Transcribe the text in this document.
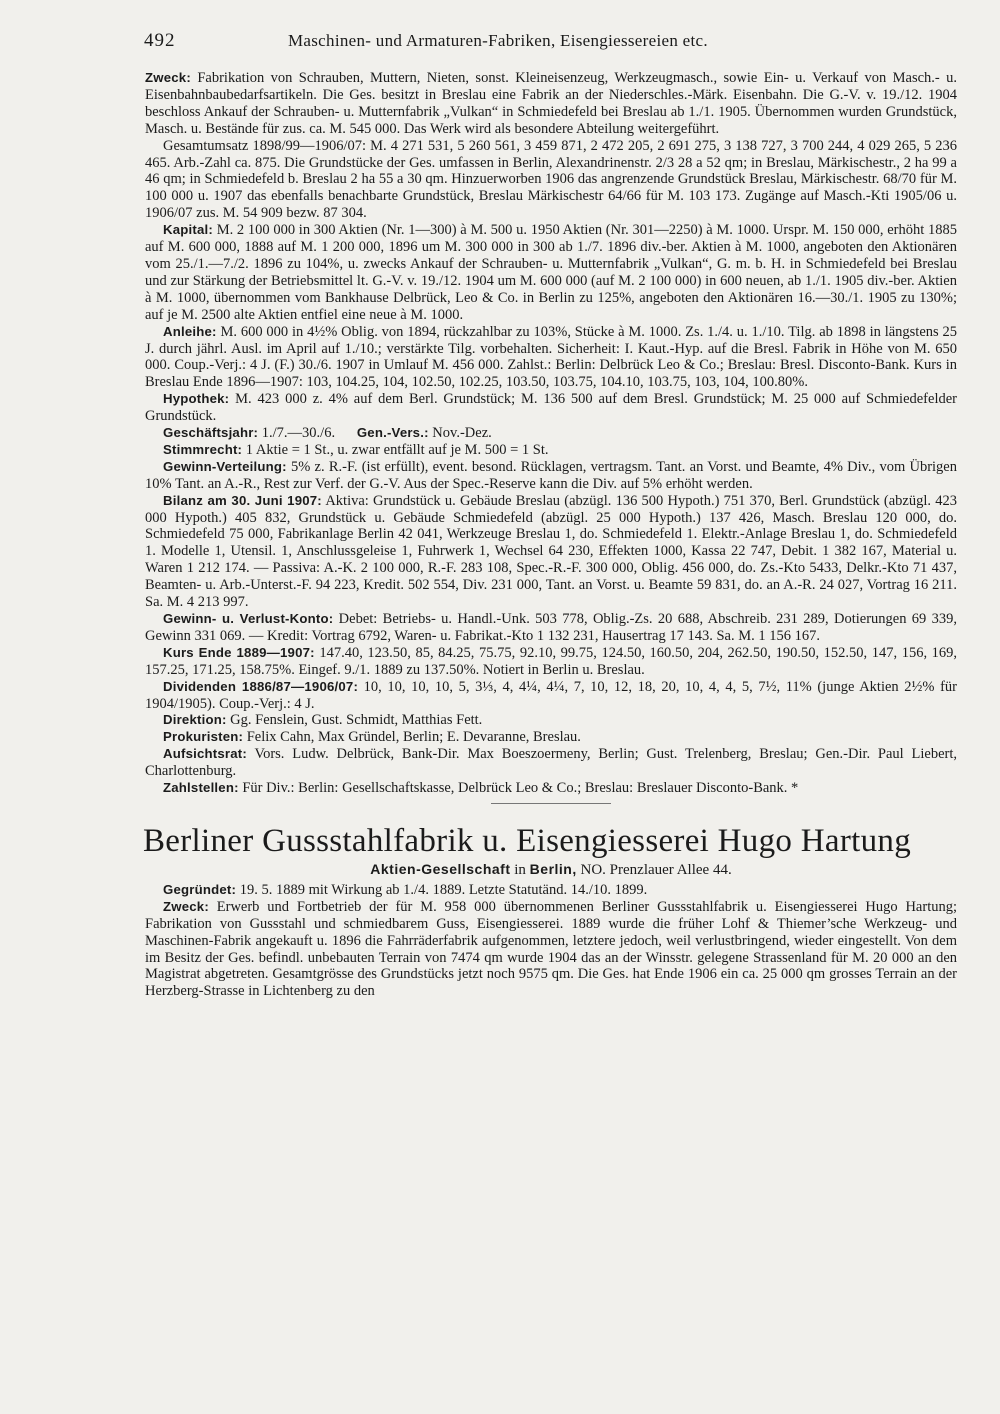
492	Maschinen- und Armaturen-Fabriken, Eisengiessereien etc.

Zweck: Fabrikation von Schrauben, Muttern, Nieten, sonst. Kleineisenzeug, Werkzeugmasch., sowie Ein- u. Verkauf von Masch.- u. Eisenbahnbaubedarfsartikeln. Die Ges. besitzt in Breslau eine Fabrik an der Niederschles.-Märk. Eisenbahn. Die G.-V. v. 19./12. 1904 beschloss Ankauf der Schrauben- u. Mutternfabrik „Vulkan“ in Schmiedefeld bei Breslau ab 1./1. 1905. Übernommen wurden Grundstück, Masch. u. Bestände für zus. ca. M. 545 000. Das Werk wird als besondere Abteilung weitergeführt.

Gesamtumsatz 1898/99—1906/07: M. 4 271 531, 5 260 561, 3 459 871, 2 472 205, 2 691 275, 3 138 727, 3 700 244, 4 029 265, 5 236 465. Arb.-Zahl ca. 875. Die Grundstücke der Ges. umfassen in Berlin, Alexandrinenstr. 2/3 28 a 52 qm; in Breslau, Märkischestr., 2 ha 99 a 46 qm; in Schmiedefeld b. Breslau 2 ha 55 a 30 qm. Hinzuerworben 1906 das angrenzende Grundstück Breslau, Märkischestr. 68/70 für M. 100 000 u. 1907 das ebenfalls benachbarte Grundstück, Breslau Märkischestr 64/66 für M. 103 173. Zugänge auf Masch.-Kti 1905/06 u. 1906/07 zus. M. 54 909 bezw. 87 304.

Kapital: M. 2 100 000 in 300 Aktien (Nr. 1—300) à M. 500 u. 1950 Aktien (Nr. 301—2250) à M. 1000. Urspr. M. 150 000, erhöht 1885 auf M. 600 000, 1888 auf M. 1 200 000, 1896 um M. 300 000 in 300 ab 1./7. 1896 div.-ber. Aktien à M. 1000, angeboten den Aktionären vom 25./1.—7./2. 1896 zu 104%, u. zwecks Ankauf der Schrauben- u. Mutternfabrik „Vulkan“, G. m. b. H. in Schmiedefeld bei Breslau und zur Stärkung der Betriebsmittel lt. G.-V. v. 19./12. 1904 um M. 600 000 (auf M. 2 100 000) in 600 neuen, ab 1./1. 1905 div.-ber. Aktien à M. 1000, übernommen vom Bankhause Delbrück, Leo & Co. in Berlin zu 125%, angeboten den Aktionären 16.—30./1. 1905 zu 130%; auf je M. 2500 alte Aktien entfiel eine neue à M. 1000.

Anleihe: M. 600 000 in 4½% Oblig. von 1894, rückzahlbar zu 103%, Stücke à M. 1000. Zs. 1./4. u. 1./10. Tilg. ab 1898 in längstens 25 J. durch jährl. Ausl. im April auf 1./10.; verstärkte Tilg. vorbehalten. Sicherheit: I. Kaut.-Hyp. auf die Bresl. Fabrik in Höhe von M. 650 000. Coup.-Verj.: 4 J. (F.) 30./6. 1907 in Umlauf M. 456 000. Zahlst.: Berlin: Delbrück Leo & Co.; Breslau: Bresl. Disconto-Bank. Kurs in Breslau Ende 1896—1907: 103, 104.25, 104, 102.50, 102.25, 103.50, 103.75, 104.10, 103.75, 103, 104, 100.80%.

Hypothek: M. 423 000 z. 4% auf dem Berl. Grundstück; M. 136 500 auf dem Bresl. Grundstück; M. 25 000 auf Schmiedefelder Grundstück.

Geschäftsjahr: 1./7.—30./6. Gen.-Vers.: Nov.-Dez.

Stimmrecht: 1 Aktie = 1 St., u. zwar entfällt auf je M. 500 = 1 St.

Gewinn-Verteilung: 5% z. R.-F. (ist erfüllt), event. besond. Rücklagen, vertragsm. Tant. an Vorst. und Beamte, 4% Div., vom Übrigen 10% Tant. an A.-R., Rest zur Verf. der G.-V. Aus der Spec.-Reserve kann die Div. auf 5% erhöht werden.

Bilanz am 30. Juni 1907: Aktiva: Grundstück u. Gebäude Breslau (abzügl. 136 500 Hypoth.) 751 370, Berl. Grundstück (abzügl. 423 000 Hypoth.) 405 832, Grundstück u. Gebäude Schmiedefeld (abzügl. 25 000 Hypoth.) 137 426, Masch. Breslau 120 000, do. Schmiedefeld 75 000, Fabrikanlage Berlin 42 041, Werkzeuge Breslau 1, do. Schmiedefeld 1. Elektr.-Anlage Breslau 1, do. Schmiedefeld 1. Modelle 1, Utensil. 1, Anschlussgeleise 1, Fuhrwerk 1, Wechsel 64 230, Effekten 1000, Kassa 22 747, Debit. 1 382 167, Material u. Waren 1 212 174. — Passiva: A.-K. 2 100 000, R.-F. 283 108, Spec.-R.-F. 300 000, Oblig. 456 000, do. Zs.-Kto 5433, Delkr.-Kto 71 437, Beamten- u. Arb.-Unterst.-F. 94 223, Kredit. 502 554, Div. 231 000, Tant. an Vorst. u. Beamte 59 831, do. an A.-R. 24 027, Vortrag 16 211. Sa. M. 4 213 997.

Gewinn- u. Verlust-Konto: Debet: Betriebs- u. Handl.-Unk. 503 778, Oblig.-Zs. 20 688, Abschreib. 231 289, Dotierungen 69 339, Gewinn 331 069. — Kredit: Vortrag 6792, Waren- u. Fabrikat.-Kto 1 132 231, Hausertrag 17 143. Sa. M. 1 156 167.

Kurs Ende 1889—1907: 147.40, 123.50, 85, 84.25, 75.75, 92.10, 99.75, 124.50, 160.50, 204, 262.50, 190.50, 152.50, 147, 156, 169, 157.25, 171.25, 158.75%. Eingef. 9./1. 1889 zu 137.50%. Notiert in Berlin u. Breslau.

Dividenden 1886/87—1906/07: 10, 10, 10, 10, 5, 3⅓, 4, 4¼, 4¼, 7, 10, 12, 18, 20, 10, 4, 4, 5, 7½, 11% (junge Aktien 2½% für 1904/1905). Coup.-Verj.: 4 J.

Direktion: Gg. Fenslein, Gust. Schmidt, Matthias Fett.

Prokuristen: Felix Cahn, Max Gründel, Berlin; E. Devaranne, Breslau.

Aufsichtsrat: Vors. Ludw. Delbrück, Bank-Dir. Max Boeszoermeny, Berlin; Gust. Trelenberg, Breslau; Gen.-Dir. Paul Liebert, Charlottenburg.

Zahlstellen: Für Div.: Berlin: Gesellschaftskasse, Delbrück Leo & Co.; Breslau: Breslauer Disconto-Bank. *

Berliner Gussstahlfabrik u. Eisengiesserei Hugo Hartung
Aktien-Gesellschaft in Berlin, NO. Prenzlauer Allee 44.

Gegründet: 19. 5. 1889 mit Wirkung ab 1./4. 1889. Letzte Statutänd. 14./10. 1899.

Zweck: Erwerb und Fortbetrieb der für M. 958 000 übernommenen Berliner Gussstahlfabrik u. Eisengiesserei Hugo Hartung; Fabrikation von Gussstahl und schmiedbarem Guss, Eisengiesserei. 1889 wurde die früher Lohf & Thiemer’sche Werkzeug- und Maschinen-Fabrik angekauft u. 1896 die Fahrräderfabrik aufgenommen, letztere jedoch, weil verlustbringend, wieder eingestellt. Von dem im Besitz der Ges. befindl. unbebauten Terrain von 7474 qm wurde 1904 das an der Winsstr. gelegene Strassenland für M. 20 000 an den Magistrat abgetreten. Gesamtgrösse des Grundstücks jetzt noch 9575 qm. Die Ges. hat Ende 1906 ein ca. 25 000 qm grosses Terrain an der Herzberg-Strasse in Lichtenberg zu den
